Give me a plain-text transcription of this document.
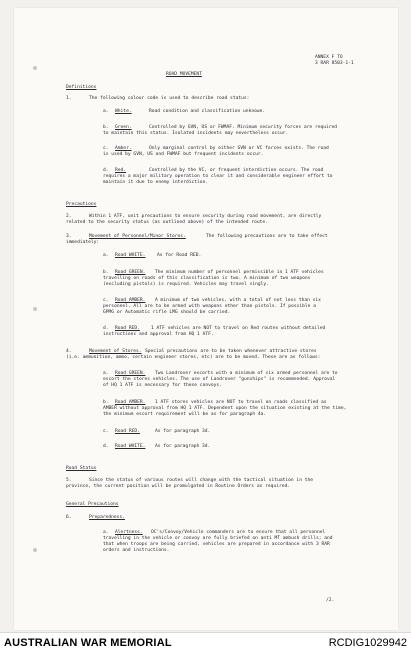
ANNEX F TO
3 RAR 8503-1-1
ROAD MOVEMENT
Definitions
1.	The following colour code is used to describe road status:
a. White.	Road condition and classification unknown.
b. Green.	Controlled by GVN, US or FWMAF. Minimum security forces are required
to maintain this status. Isolated incidents may nevertheless occur.
c. Amber.	Only marginal control by either GVN or VC forces exists. The road
is used by GVN, US and FWMAF but frequent incidents occur.
d. Red.	Controlled by the VC, or frequent interdiction occurs. The road
requires a major military operation to clear it and considerable engineer effort to
maintain it due to enemy interdiction.
Precautions
2.	Within 1 ATF, unit precautions to ensure security during road movement, are directly
related to the security status (as outlined above) of the intended route.
3.	Movement of Personnel/Minor Stores.	The following precautions are to take effect
immediately:
a. Road WHITE.	As for Road RED.
b. Road GREEN. The minimum number of personnel permissible in 1 ATF vehicles
travelling on roads of this classification is two. A minimum of two weapons
(excluding pistols) is required. Vehicles may travel singly.
c. Road AMBER. A minimum of two vehicles, with a total of not less than six
personnel. All are to be armed with weapons other than pistols. If possible a
GPMG or Automatic rifle LMG should be carried.
d. Road RED. 1 ATF vehicles are NOT to travel on Red routes without detailed
instructions and approval from HQ 1 ATF.
4.	Movement of Stores. Special precautions are to be taken whenever attractive stores
(i.e. ammunition, ammo, certain engineer stores, etc) are to be moved. These are as follows:
a. Road GREEN. Two Landrover escorts with a minimum of six armed personnel are to
escort the stores vehicles. The use of Landrover "gunships" is recommended. Approval
of HQ 1 ATF is necessary for these convoys.
b. Road AMBER. 1 ATF stores vehicles are NOT to travel on roads classified as
AMBER without approval from HQ 1 ATF. Dependent upon the situation existing at the time,
the minimum escort requirement will be as for paragraph 4a.
c. Road RED.	As for paragraph 3d.
d. Road WHITE. As for paragraph 3d.
Road Status
5.	Since the status of various routes will change with the tactical situation in the
province, the current position will be promulgated in Routine Orders as required.
General Precautions
6.	Preparedness.
a. Alertness. OC's/Convoy/Vehicle commanders are to ensure that all personnel
travelling in the vehicle or convoy are fully briefed on anti MT ambush drills; and
that when troops are being carried, vehicles are prepared in accordance with 3 RAR
orders and instructions.
/2.
AUSTRALIAN WAR MEMORIAL	RCDIG1029942
